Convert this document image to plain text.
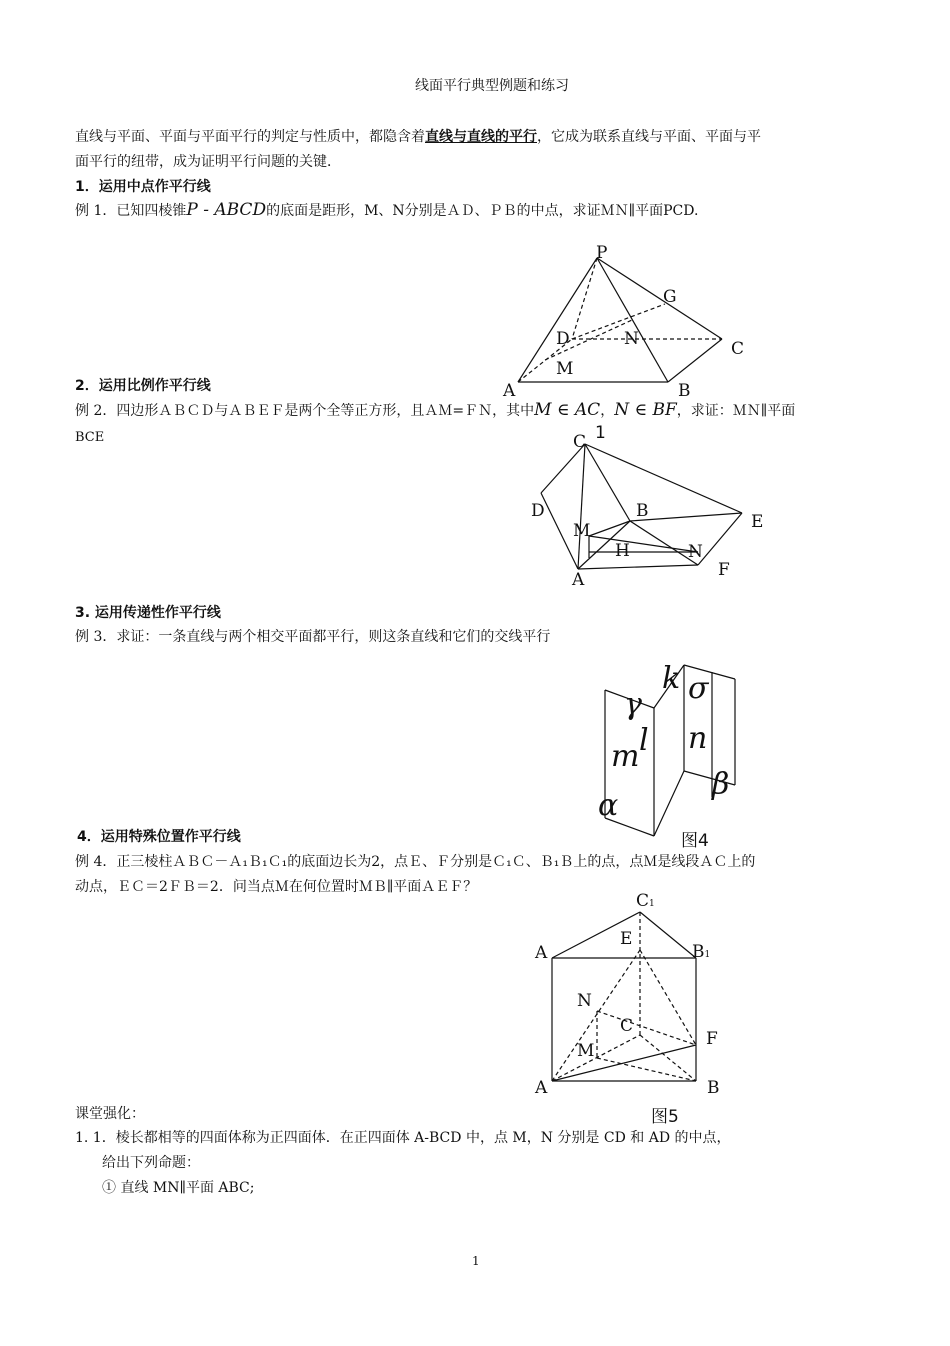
线面平行典型例题和练习
直线与平面、平面与平面平行的判定与性质中，都隐含着直线与直线的平行，它成为联系直线与平面、平面与平
面平行的纽带，成为证明平行问题的关键．
1．运用中点作平行线
例 1．已知四棱锥P - ABCD的底面是距形，M、N分别是ＡＤ、ＰＢ的中点，求证ＭＮ∥平面PCD.
P
G
D	N	C
M
A	B
2．运用比例作平行线
例 2．四边形ＡＢＣＤ与ＡＢＥＦ是两个全等正方形，且ＡＭ=ＦＮ，其中M ∈ AC，N ∈ BF，求证：ＭＮ∥平面
BCE	1
C
D	B
E
M
H	N
A	F
3. 运用传递性作平行线
例 3．求证：一条直线与两个相交平面都平行，则这条直线和它们的交线平行
k σ
γ
l n
m
β
α
图4
4．运用特殊位置作平行线
例 4．正三棱柱ＡＢＣ－Ａ₁Ｂ₁Ｃ₁的底面边长为2，点Ｅ、Ｆ分别是Ｃ₁Ｃ、Ｂ₁Ｂ上的点，点Ｍ是线段ＡＣ上的
动点，ＥＣ＝2ＦＢ＝2．问当点Ｍ在何位置时ＭＢ∥平面ＡＥＦ？
C1
E
A	B1
N
C
F
M
A	B
课堂强化：	图5
1. 1．棱长都相等的四面体称为正四面体．在正四面体 A-BCD 中，点 M，N 分别是 CD 和 AD 的中点，
给出下列命题：
① 直线 MN∥平面 ABC;
1
